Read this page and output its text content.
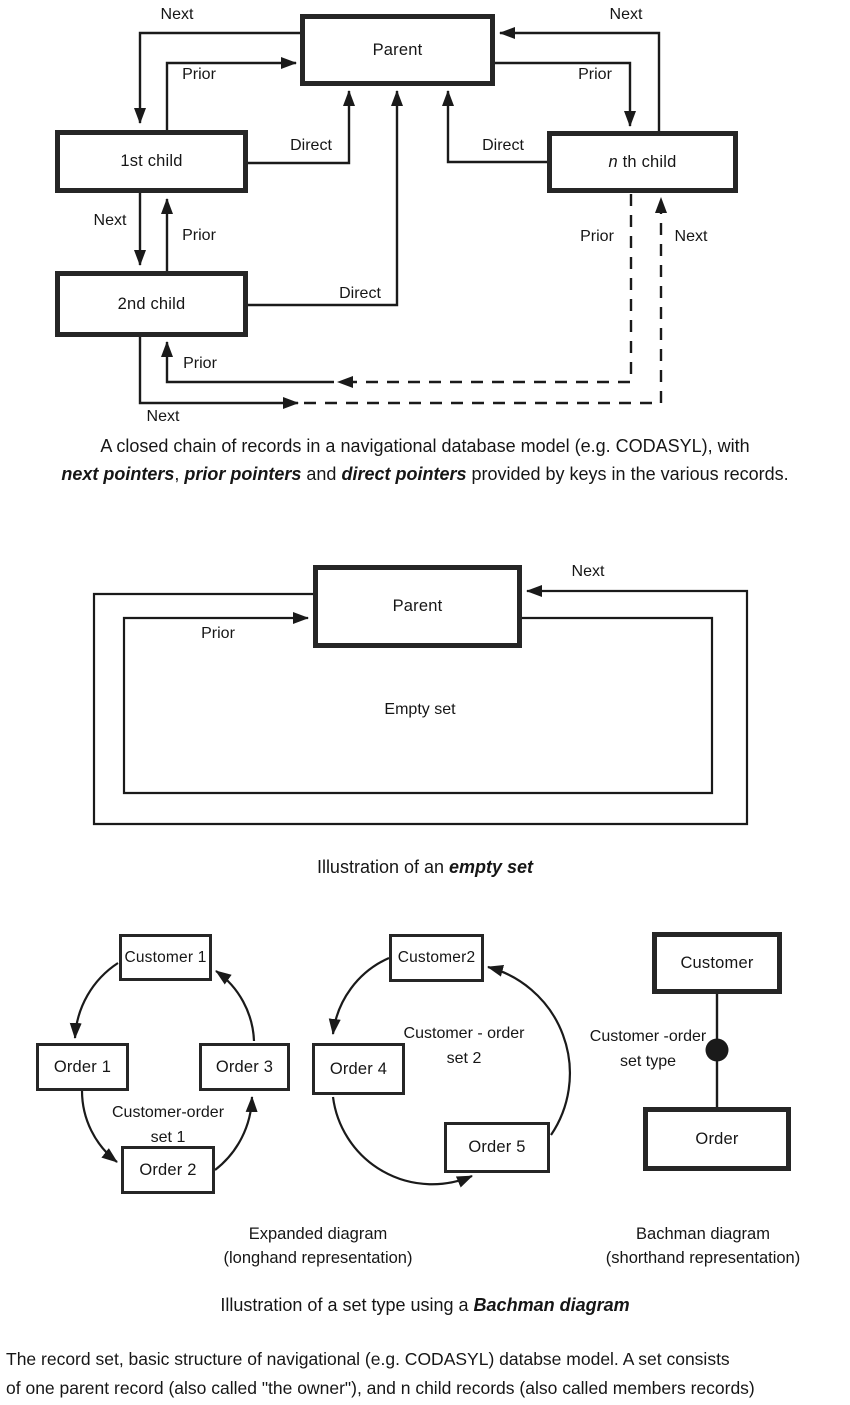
Parent
1st child
2nd child
n th child
Next
Prior
Direct
Next
Prior
Direct
Next
Prior
Direct
Prior
Next
Prior	Next
A closed chain of records in a navigational database model (e.g. CODASYL), with
next pointers, prior pointers and direct pointers provided by keys in the various records.
Parent
Next
Prior
Empty set
Illustration of an empty set
Customer 1
Order 1	Order 3
Order 2
Customer-order
set 1
Customer2
Order 4
Order 5
Customer - order
set 2
Customer
Order
Customer -order
set type
Expanded diagram
(longhand representation)
Bachman diagram
(shorthand representation)
Illustration of a set type using a Bachman diagram
The record set, basic structure of navigational (e.g. CODASYL) databse model. A set consists
of one parent record (also called "the owner"), and n child records (also called members records)
